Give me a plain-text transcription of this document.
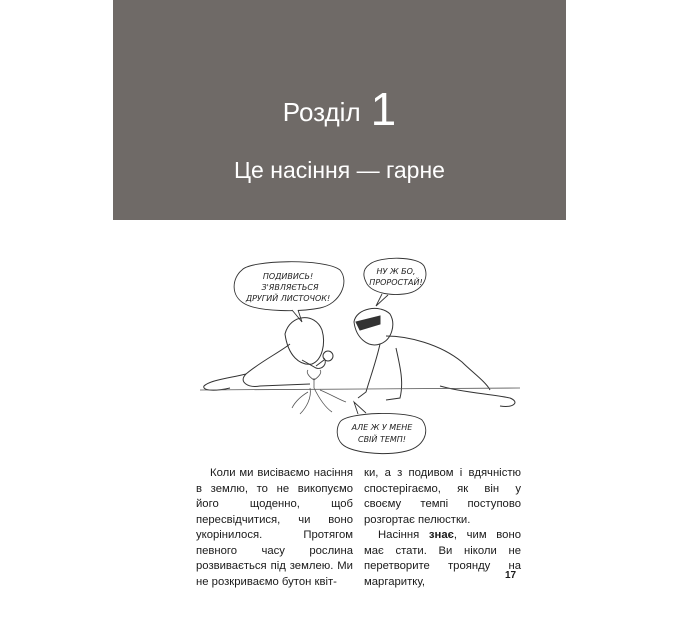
Розділ 1
Це насіння — гарне
ПОДИВИСЬ!
З'ЯВЛЯЄТЬСЯ
ДРУГИЙ ЛИСТОЧОК!
НУ Ж БО,
ПРОРОСТАЙ!
АЛЕ Ж У МЕНЕ
СВІЙ ТЕМП!

Коли ми висіваємо насіння в землю, то не викопуємо його щоденно, щоб пересвідчитися, чи воно укорінилося. Протягом певного часу рослина розвивається під землею. Ми не розкриваємо бутон квіт-

ки, а з подивом і вдячністю спостерігаємо, як він у своєму темпі поступово розгортає пелюстки.

Насіння знає, чим воно має стати. Ви ніколи не перетворите троянду на маргаритку,	17
